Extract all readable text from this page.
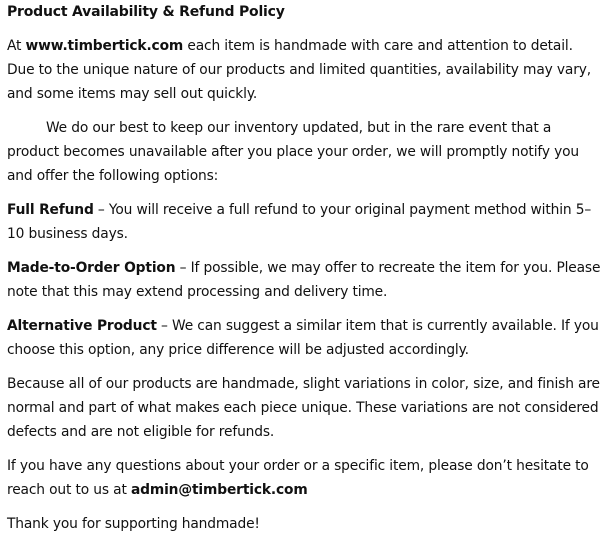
Product Availability & Refund Policy

At www.timbertick.com each item is handmade with care and attention to detail. Due to the unique nature of our products and limited quantities, availability may vary, and some items may sell out quickly.

We do our best to keep our inventory updated, but in the rare event that a product becomes unavailable after you place your order, we will promptly notify you and offer the following options:

Full Refund – You will receive a full refund to your original payment method within 5–10 business days.

Made-to-Order Option – If possible, we may offer to recreate the item for you. Please note that this may extend processing and delivery time.

Alternative Product – We can suggest a similar item that is currently available. If you choose this option, any price difference will be adjusted accordingly.

Because all of our products are handmade, slight variations in color, size, and finish are normal and part of what makes each piece unique. These variations are not considered defects and are not eligible for refunds.

If you have any questions about your order or a specific item, please don’t hesitate to reach out to us at admin@timbertick.com

Thank you for supporting handmade!
